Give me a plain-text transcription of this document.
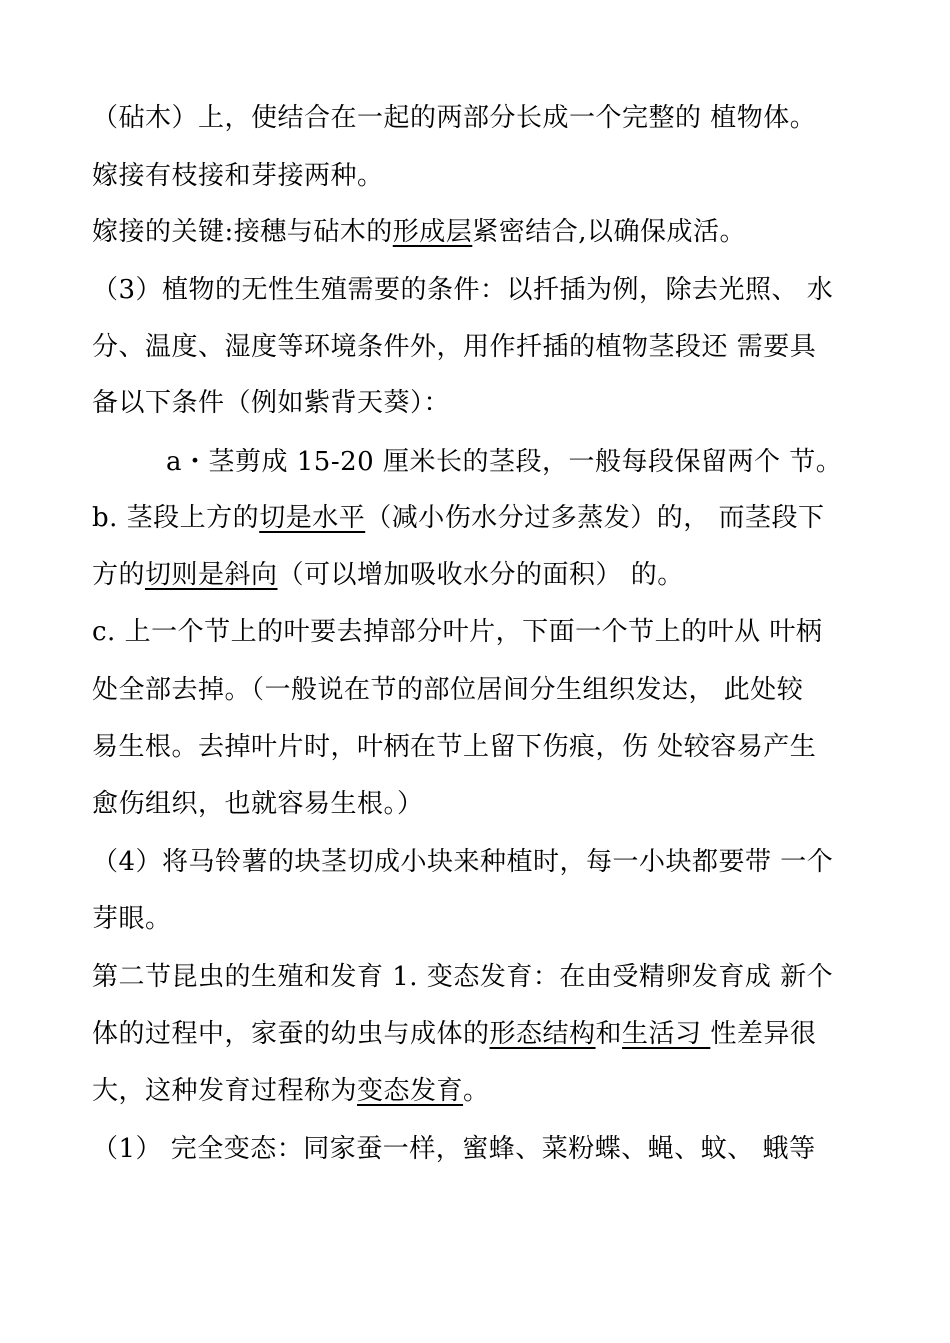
（砧木）上，使结合在一起的两部分长成一个完整的 植物体。
嫁接有枝接和芽接两种。
嫁接的关键:接穗与砧木的形成层紧密结合,以确保成活。
（3）植物的无性生殖需要的条件：以扦插为例，除去光照、 水
分、温度、湿度等环境条件外，用作扦插的植物茎段还 需要具
备以下条件（例如紫背天葵）：
a・茎剪成 15-20 厘米长的茎段，一般每段保留两个 节。
b. 茎段上方的切是水平（减小伤水分过多蒸发）的， 而茎段下
方的切则是斜向（可以增加吸收水分的面积） 的。
c. 上一个节上的叶要去掉部分叶片，下面一个节上的叶从 叶柄
处全部去掉。（一般说在节的部位居间分生组织发达， 此处较
易生根。去掉叶片时，叶柄在节上留下伤痕，伤 处较容易产生
愈伤组织，也就容易生根。）
（4）将马铃薯的块茎切成小块来种植时，每一小块都要带 一个
芽眼。
第二节昆虫的生殖和发育 1. 变态发育：在由受精卵发育成 新个
体的过程中，家蚕的幼虫与成体的形态结构和生活习 性差异很
大，这种发育过程称为变态发育。
（1） 完全变态：同家蚕一样，蜜蜂、菜粉蝶、蝇、蚊、 蛾等
